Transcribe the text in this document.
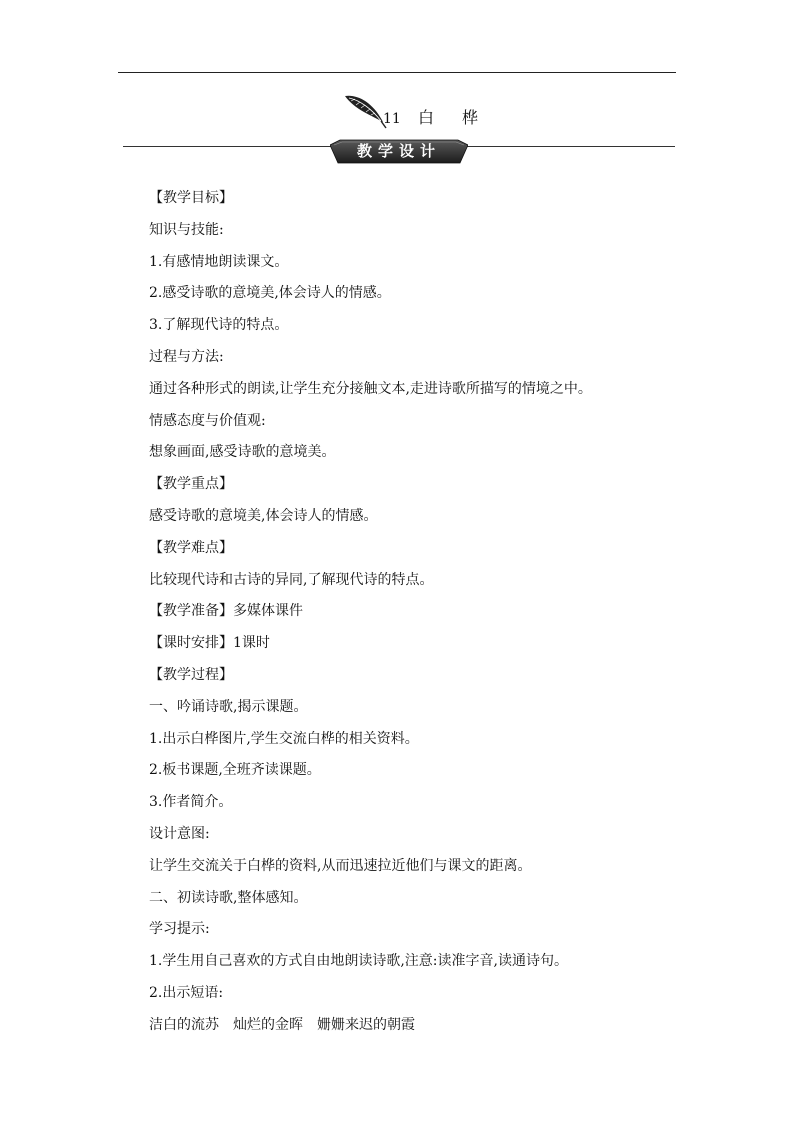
11 白桦
教学设计
【教学目标】
知识与技能:
1.有感情地朗读课文。
2.感受诗歌的意境美,体会诗人的情感。
3.了解现代诗的特点。
过程与方法:
通过各种形式的朗读,让学生充分接触文本,走进诗歌所描写的情境之中。
情感态度与价值观:
想象画面,感受诗歌的意境美。
【教学重点】
感受诗歌的意境美,体会诗人的情感。
【教学难点】
比较现代诗和古诗的异同,了解现代诗的特点。
【教学准备】多媒体课件
【课时安排】1课时
【教学过程】
一、吟诵诗歌,揭示课题。
1.出示白桦图片,学生交流白桦的相关资料。
2.板书课题,全班齐读课题。
3.作者简介。
设计意图:
让学生交流关于白桦的资料,从而迅速拉近他们与课文的距离。
二、初读诗歌,整体感知。
学习提示:
1.学生用自己喜欢的方式自由地朗读诗歌,注意:读准字音,读通诗句。
2.出示短语:
洁白的流苏　灿烂的金晖　姗姗来迟的朝霞
